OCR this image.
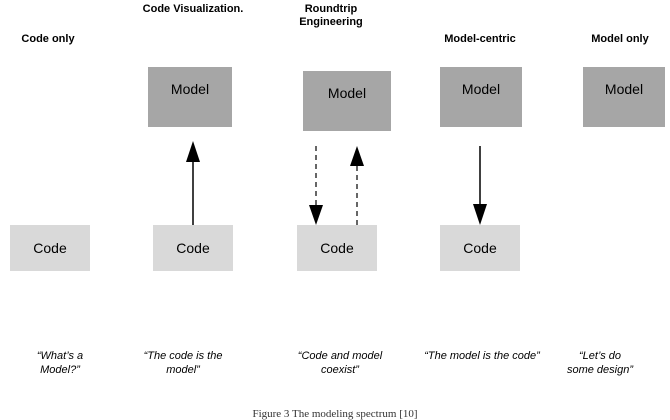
Code only
Code Visualization.	Roundtrip
Engineering
Model-centric	Model only
Model	Model	Model	Model
Code	Code	Code	Code
“What’s a
Model?”
“The code is the
model”
“Code and model
coexist”
“The model is the code”	“Let’s do
some design”
Figure 3 The modeling spectrum [10]
